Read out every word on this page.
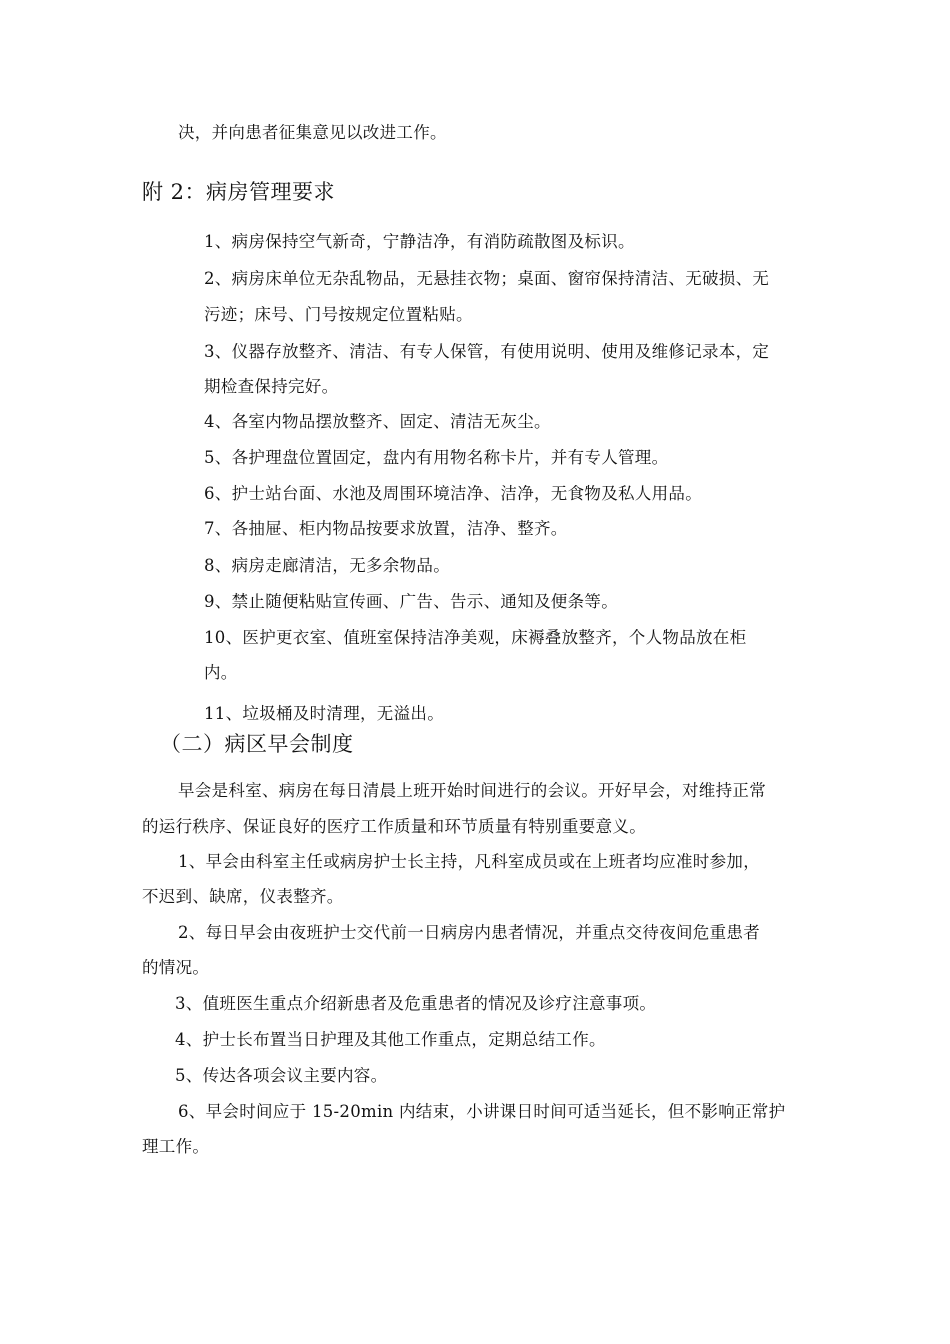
决，并向患者征集意见以改进工作。
附 2：病房管理要求
1、病房保持空气新奇，宁静洁净，有消防疏散图及标识。
2、病房床单位无杂乱物品，无悬挂衣物；桌面、窗帘保持清洁、无破损、无
污迹；床号、门号按规定位置粘贴。
3、仪器存放整齐、清洁、有专人保管，有使用说明、使用及维修记录本，定
期检查保持完好。
4、各室内物品摆放整齐、固定、清洁无灰尘。
5、各护理盘位置固定，盘内有用物名称卡片，并有专人管理。
6、护士站台面、水池及周围环境洁净、洁净，无食物及私人用品。
7、各抽屉、柜内物品按要求放置，洁净、整齐。
8、病房走廊清洁，无多余物品。
9、禁止随便粘贴宣传画、广告、告示、通知及便条等。
10、医护更衣室、值班室保持洁净美观，床褥叠放整齐，个人物品放在柜
内。
11、垃圾桶及时清理，无溢出。
（二）病区早会制度
早会是科室、病房在每日清晨上班开始时间进行的会议。开好早会，对维持正常
的运行秩序、保证良好的医疗工作质量和环节质量有特别重要意义。
1、早会由科室主任或病房护士长主持，凡科室成员或在上班者均应准时参加，
不迟到、缺席，仪表整齐。
2、每日早会由夜班护士交代前一日病房内患者情况，并重点交待夜间危重患者
的情况。
3、值班医生重点介绍新患者及危重患者的情况及诊疗注意事项。
4、护士长布置当日护理及其他工作重点，定期总结工作。
5、传达各项会议主要内容。
6、早会时间应于 15-20min 内结束，小讲课日时间可适当延长，但不影响正常护
理工作。
